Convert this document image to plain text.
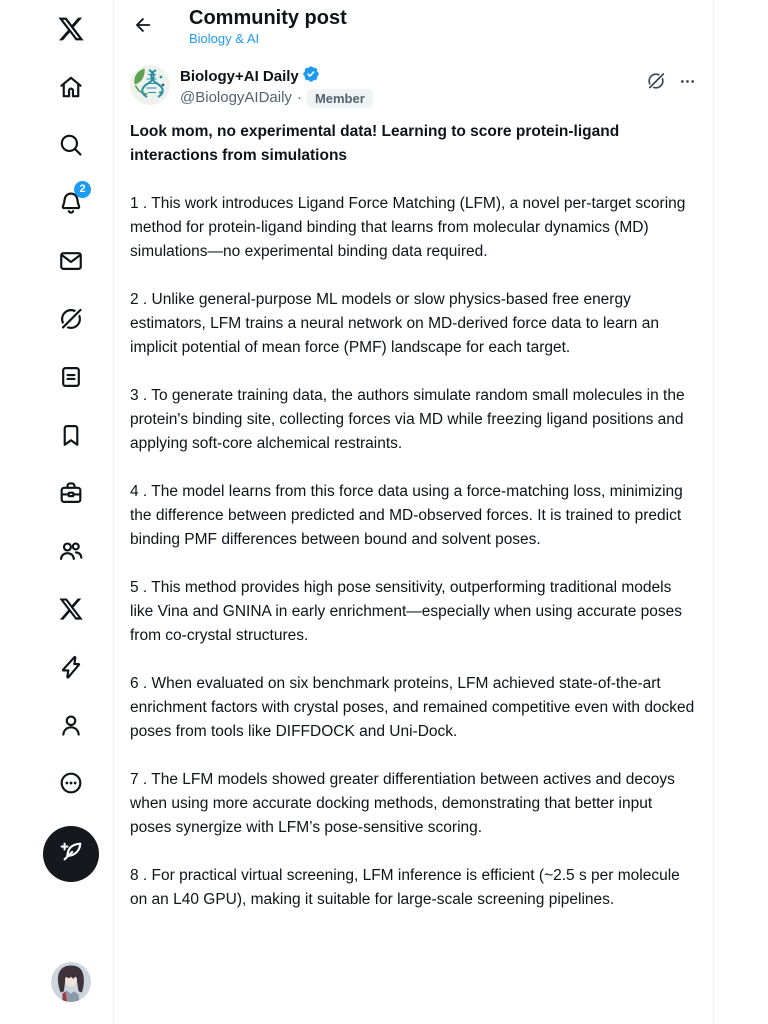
2
Community post
Biology & AI
Biology+AI Daily
@BiologyAIDaily ·	Member

Look mom, no experimental data! Learning to score protein-ligand interactions from simulations

1 . This work introduces Ligand Force Matching (LFM), a novel per-target scoring method for protein-ligand binding that learns from molecular dynamics (MD) simulations—no experimental binding data required.

2 . Unlike general-purpose ML models or slow physics-based free energy estimators, LFM trains a neural network on MD-derived force data to learn an implicit potential of mean force (PMF) landscape for each target.

3 . To generate training data, the authors simulate random small molecules in the protein's binding site, collecting forces via MD while freezing ligand positions and applying soft-core alchemical restraints.

4 . The model learns from this force data using a force-matching loss, minimizing the difference between predicted and MD-observed forces. It is trained to predict binding PMF differences between bound and solvent poses.

5 . This method provides high pose sensitivity, outperforming traditional models like Vina and GNINA in early enrichment—especially when using accurate poses from co-crystal structures.

6 . When evaluated on six benchmark proteins, LFM achieved state-of-the-art enrichment factors with crystal poses, and remained competitive even with docked poses from tools like DIFFDOCK and Uni-Dock.

7 . The LFM models showed greater differentiation between actives and decoys when using more accurate docking methods, demonstrating that better input poses synergize with LFM’s pose-sensitive scoring.

8 . For practical virtual screening, LFM inference is efficient (~2.5 s per molecule on an L40 GPU), making it suitable for large-scale screening pipelines.
